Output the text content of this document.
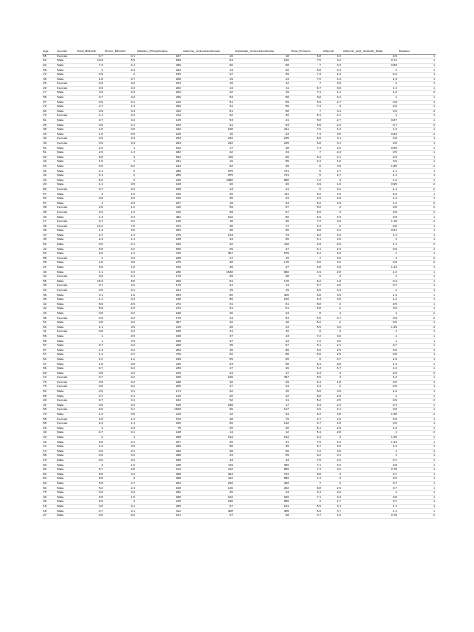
Age	Gender	Total_Bilirubin	Direct_Bilirubin	Alkaline_Phosphotase	Alamine_Aminotransferase	Aspartate_Aminotransferase	Total_Protiens	Albumin	Albumin_and_Globulin_Ratio	Dataset
65	Female	0.7	0.1	187	16	18	6.8	3.3	0.9	1
62	Male	10.9	5.5	699	64	100	7.5	3.2	0.74	1
62	Male	7.3	4.1	490	60	68	7	3.3	0.89	1
58	Male	1	0.4	182	14	20	6.8	3.4	1	1
72	Male	3.9	2	195	27	59	7.3	2.4	0.4	1
46	Male	1.8	0.7	208	19	14	7.6	4.4	1.3	1
26	Female	0.9	0.2	154	16	12	7	3.5	1	1
29	Female	0.9	0.3	202	14	11	6.7	3.6	1.1	1
17	Male	0.9	0.3	202	22	19	7.4	4.1	1.2	2
55	Male	0.7	0.2	290	53	58	6.8	3.4	1	1
57	Male	0.6	0.1	210	51	59	5.9	2.7	0.8	1
72	Male	2.7	1.3	260	31	56	7.4	3	0.6	1
64	Male	0.9	0.3	310	61	58	7	3.4	0.9	2
74	Female	1.1	0.4	214	22	30	8.1	4.1	1	1
61	Male	0.7	0.2	145	53	41	5.8	2.7	0.87	1
25	Male	0.6	0.1	183	91	53	5.5	2.3	0.7	2
38	Male	1.8	0.8	342	168	441	7.6	4.4	1.3	1
33	Male	1.6	0.5	165	15	23	7.3	3.5	0.92	2
40	Female	0.9	0.3	293	232	245	6.8	3.1	0.8	1
40	Female	0.9	0.3	293	232	245	6.8	3.1	0.8	1
51	Male	2.2	1	610	17	28	7.3	2.6	0.55	1
51	Male	2.9	1.3	482	22	34	7	2.4	0.5	1
62	Male	6.8	3	542	116	66	6.4	3.1	0.9	1
40	Male	1.9	1	231	16	55	4.3	1.6	0.6	1
63	Male	0.9	0.2	194	52	45	6	3.9	1.85	2
34	Male	4.1	2	289	875	731	5	2.7	1.1	1
34	Male	4.1	2	289	875	731	5	2.7	1.1	1
34	Male	6.2	3	240	1680	850	7.2	4	1.2	1
20	Male	1.1	0.5	128	20	30	3.9	1.9	0.95	2
84	Female	0.7	0.2	188	13	21	6	3.2	1.1	2
57	Male	4	1.9	190	45	111	5.2	1.5	0.4	1
52	Male	0.9	0.2	156	35	44	4.9	2.9	1.4	1
57	Male	1	0.3	187	19	23	5.2	2.9	1.2	2
38	Female	2.6	1.2	410	59	57	5.6	3	0.8	2
38	Female	2.6	1.2	410	59	57	5.6	3	0.8	2
30	Male	1.3	0.4	482	102	80	6.9	3.3	0.9	1
17	Female	0.7	0.2	145	18	36	7.2	3.9	1.18	2
46	Female	14.2	7.8	374	38	77	4.3	2	0.8	1
48	Male	1.4	0.6	263	38	66	5.8	2.2	0.61	1
47	Male	2.7	1.3	275	123	73	6.2	3.3	1.1	1
45	Male	2.4	1.1	168	33	50	5.1	2.6	1	1
62	Male	0.6	0.1	160	42	110	4.9	2.6	1.1	2
42	Male	6.8	3.2	630	25	47	6.1	2.3	0.6	2
50	Male	2.6	1.2	415	407	576	6.4	3.2	1	1
85	Female	1	0.3	208	17	15	7	3.6	1	2
35	Male	1.8	0.6	275	48	178	6.5	3.2	0.9	2
21	Male	3.9	1.8	150	36	27	6.8	3.9	1.34	1
40	Male	1.1	0.3	230	1630	960	4.9	2.8	1.3	1
32	Female	0.6	0.1	176	39	28	6	3	1	1
55	Male	18.4	8.8	206	64	178	6.2	1.8	0.4	1
45	Female	0.7	0.2	170	21	14	5.7	2.5	0.7	1
34	Female	0.6	0.1	161	15	19	6.6	3.4	1	1
38	Male	3.1	1.6	253	80	406	6.8	3.9	1.3	1
38	Male	1.1	0.3	198	86	150	6.3	3.5	1.2	1
42	Male	8.9	4.5	272	31	61	5.8	2	0.5	1
42	Male	8.9	4.5	272	31	61	5.8	2	0.5	1
33	Male	0.8	0.2	198	26	23	8	4	1	2
48	Female	0.9	0.2	175	24	54	5.5	2.7	0.9	2
51	Male	0.8	0.2	367	42	18	5.2	2	0.6	1
64	Male	1.1	0.5	145	20	24	5.5	3.2	1.39	2
31	Female	0.8	0.2	158	21	16	6	3	1	1
58	Male	1	0.5	158	37	43	7.2	3.6	1	1
58	Male	1	0.5	158	37	43	7.2	3.6	1	1
57	Male	0.7	0.2	208	35	97	5.1	2.1	0.7	1
57	Male	1.3	0.4	259	40	86	6.5	2.5	0.6	1
57	Male	1.4	0.7	470	62	88	5.6	2.5	0.8	1
54	Male	2.2	1.2	195	55	95	6	3.7	1.6	1
37	Male	1.8	0.8	215	53	58	6.4	3.8	1.4	1
66	Male	0.7	0.2	239	27	26	6.3	3.7	1.4	1
60	Male	0.8	0.2	215	24	17	6.3	3	0.9	2
19	Female	0.7	0.2	186	166	397	5.5	3	1.2	1
75	Female	0.8	0.2	188	20	29	4.4	1.8	0.6	1
75	Female	0.8	0.2	205	27	24	4.4	2	0.8	1
52	Male	0.6	0.1	171	22	16	6.6	3.6	1.2	1
68	Male	0.7	0.1	145	20	22	5.8	2.9	1	1
29	Female	0.7	0.1	162	52	41	5.2	2.5	0.9	2
31	Male	0.9	0.2	518	189	17	5.3	2.3	0.7	1
68	Female	0.6	0.1	1620	95	127	4.6	2.1	0.8	1
70	Male	1.4	0.6	146	12	24	6.2	3.8	1.58	2
58	Female	2.8	1.3	670	48	79	4.7	1.6	0.5	1
58	Female	2.4	1.1	915	60	142	4.7	1.8	0.6	1
29	Male	1	0.3	75	25	26	5.1	2.9	1.3	1
49	Male	0.7	0.1	148	14	12	5.4	2.8	1	2
33	Male	2	1	258	194	152	5.4	3	1.25	1
32	Male	0.6	0.1	237	45	31	7.5	4.3	1.34	1
14	Male	1.4	0.5	269	58	45	6.7	3.9	1.4	1
13	Male	0.6	0.1	320	28	56	7.2	3.6	1	2
58	Male	0.8	0.2	298	33	59	6.2	3.1	1	1
18	Male	0.6	0.2	538	33	34	7.5	3.2	0.7	1
60	Male	4	1.9	238	119	350	7.1	3.3	0.8	1
60	Male	5.7	2.8	214	412	850	7.3	3.2	0.78	1
60	Male	6.8	3.2	308	404	794	6.8	3	0.7	1
60	Male	8.6	4	298	412	850	7.4	3	0.6	1
60	Male	5.8	2.7	204	220	400	7	3	0.7	1
60	Male	5.2	2.4	168	126	202	6.8	2.9	0.7	1
75	Male	0.9	0.2	282	25	23	4.4	2.2	1	1
39	Male	3.8	1.5	298	102	630	7.1	3.3	0.8	1
39	Male	6.6	3	215	190	950	4	1.7	0.7	1
18	Male	0.6	0.1	265	97	161	5.9	3.1	1.1	1
18	Male	0.7	0.1	312	308	405	6.9	3.7	1.1	1
27	Male	0.6	0.2	161	27	28	3.7	1.6	0.76	2
